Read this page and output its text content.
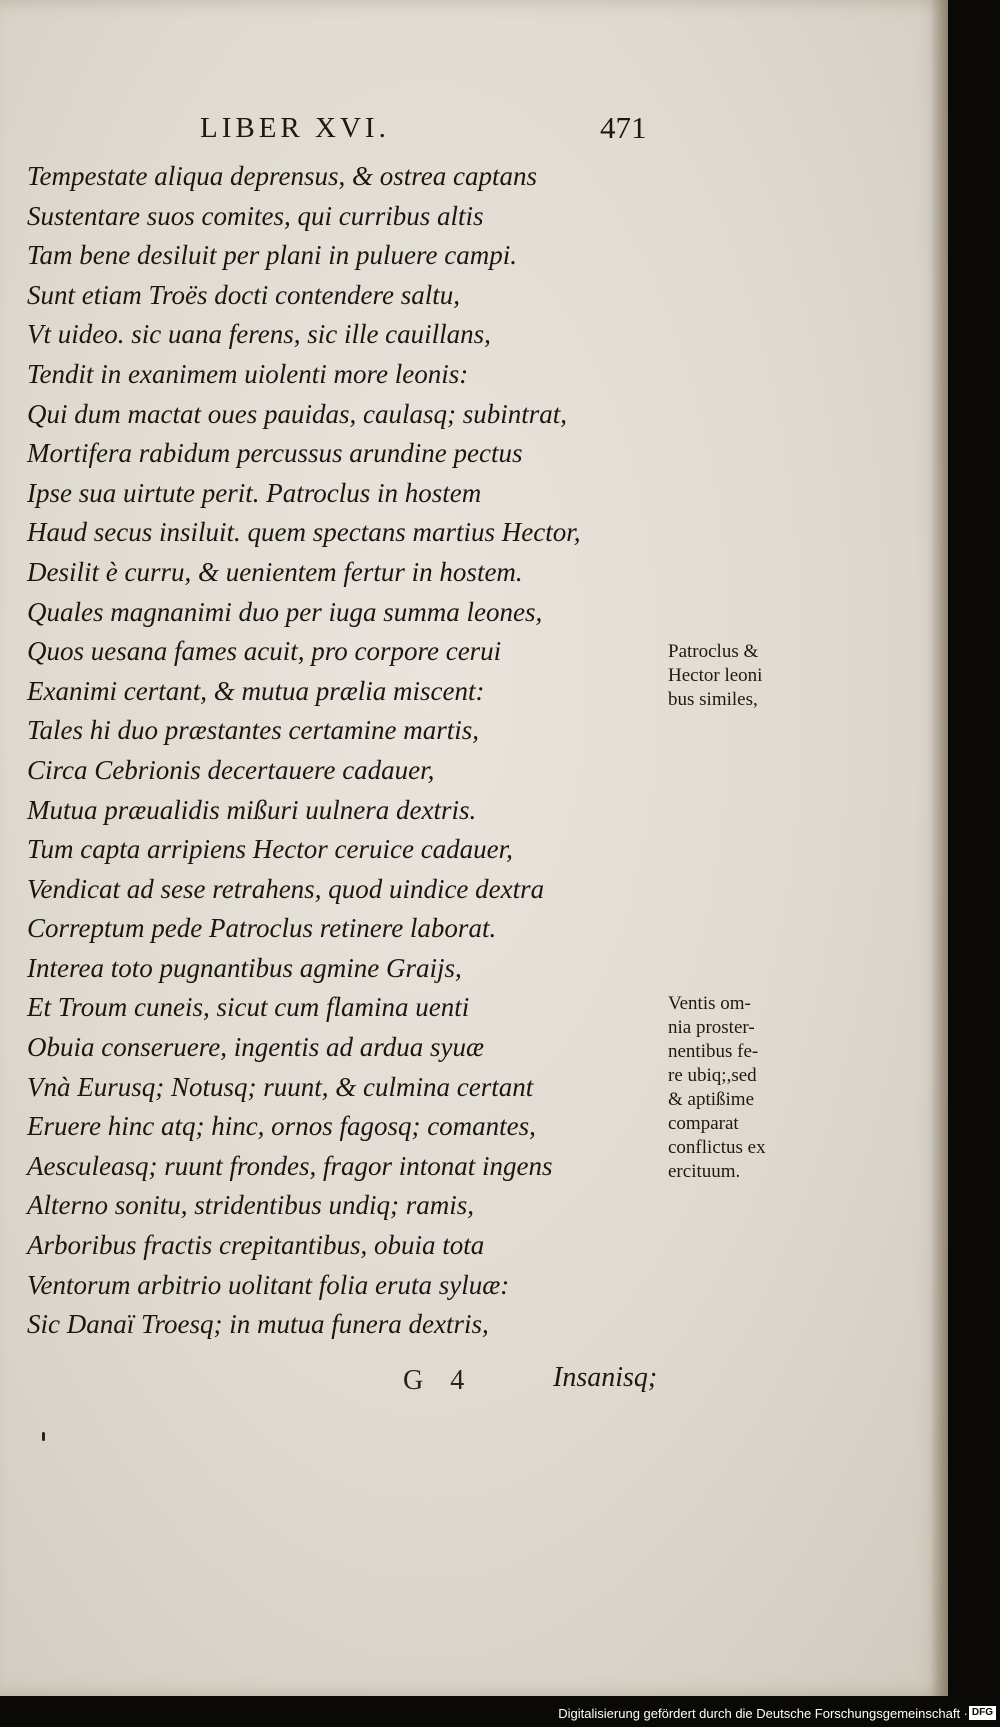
LIBER XVI.	471
Tempestate aliqua deprensus, & ostrea captans
Sustentare suos comites, qui curribus altis
Tam bene desiluit per plani in puluere campi.
Sunt etiam Troës docti contendere saltu,
Vt uideo. sic uana ferens, sic ille cauillans,
Tendit in exanimem uiolenti more leonis:
Qui dum mactat oues pauidas, caulasq; subintrat,
Mortifera rabidum percussus arundine pectus
Ipse sua uirtute perit. Patroclus in hostem
Haud secus insiluit. quem spectans martius Hector,
Desilit è curru, & uenientem fertur in hostem.
Quales magnanimi duo per iuga summa leones,
Quos uesana fames acuit, pro corpore cerui
Exanimi certant, & mutua prælia miscent:
Tales hi duo præstantes certamine martis,
Circa Cebrionis decertauere cadauer,
Mutua præualidis mißuri uulnera dextris.
Tum capta arripiens Hector ceruice cadauer,
Vendicat ad sese retrahens, quod uindice dextra
Correptum pede Patroclus retinere laborat.
Interea toto pugnantibus agmine Graijs,
Et Troum cuneis, sicut cum flamina uenti
Obuia conseruere, ingentis ad ardua syuæ
Vnà Eurusq; Notusq; ruunt, & culmina certant
Eruere hinc atq; hinc, ornos fagosq; comantes,
Aesculeasq; ruunt frondes, fragor intonat ingens
Alterno sonitu, stridentibus undiq; ramis,
Arboribus fractis crepitantibus, obuia tota
Ventorum arbitrio uolitant folia eruta syluæ:
Sic Danaï Troesq; in mutua funera dextris,
Patroclus &
Hector leoni
bus similes,
Ventis om-
nia proster-
nentibus fe-
re ubiq;,sed
& aptißime
comparat
conflictus ex
ercituum.
G 4	Insanisq;
Digitalisierung gefördert durch die Deutsche Forschungsgemeinschaft · DFG
